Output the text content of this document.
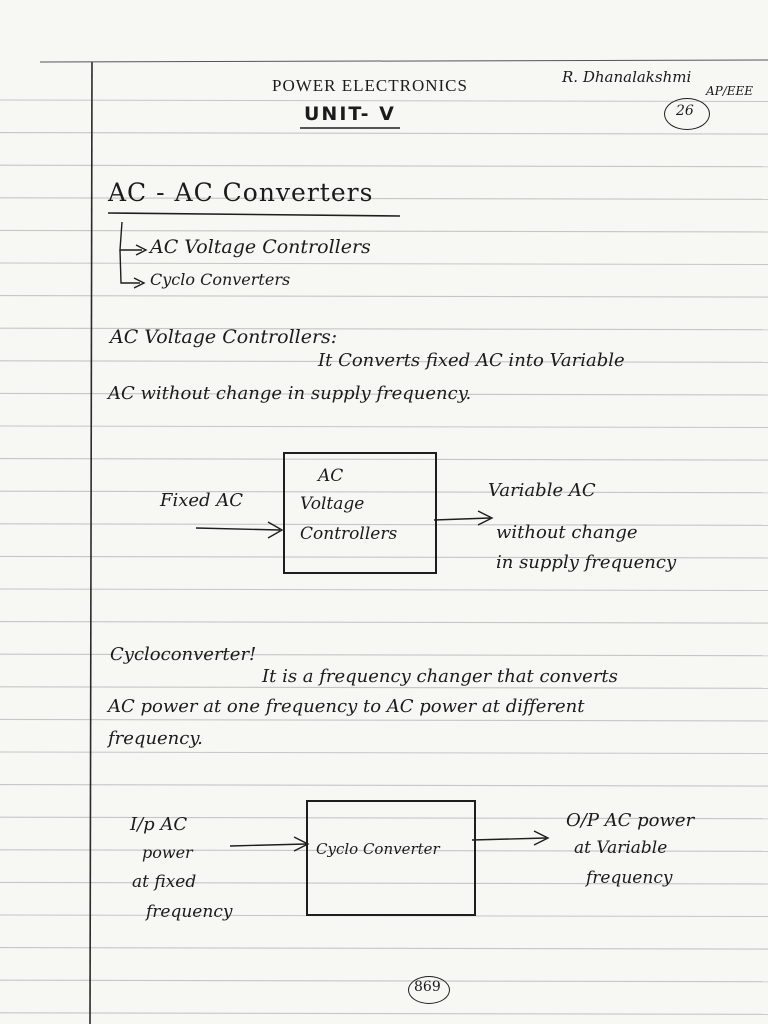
POWER ELECTRONICS
UNIT- V
R. Dhanalakshmi
AP/EEE
26
AC - AC Converters
AC Voltage Controllers
Cyclo Converters
AC Voltage Controllers:
It Converts fixed AC into Variable
AC without change in supply frequency.
Fixed AC
AC
Voltage
Controllers
Variable AC
without change
in supply frequency
Cycloconverter!
It is a frequency changer that converts
AC power at one frequency to AC power at different
frequency.
I/p AC
power
at fixed
frequency
Cyclo Converter
O/P AC power
at Variable
frequency
869
